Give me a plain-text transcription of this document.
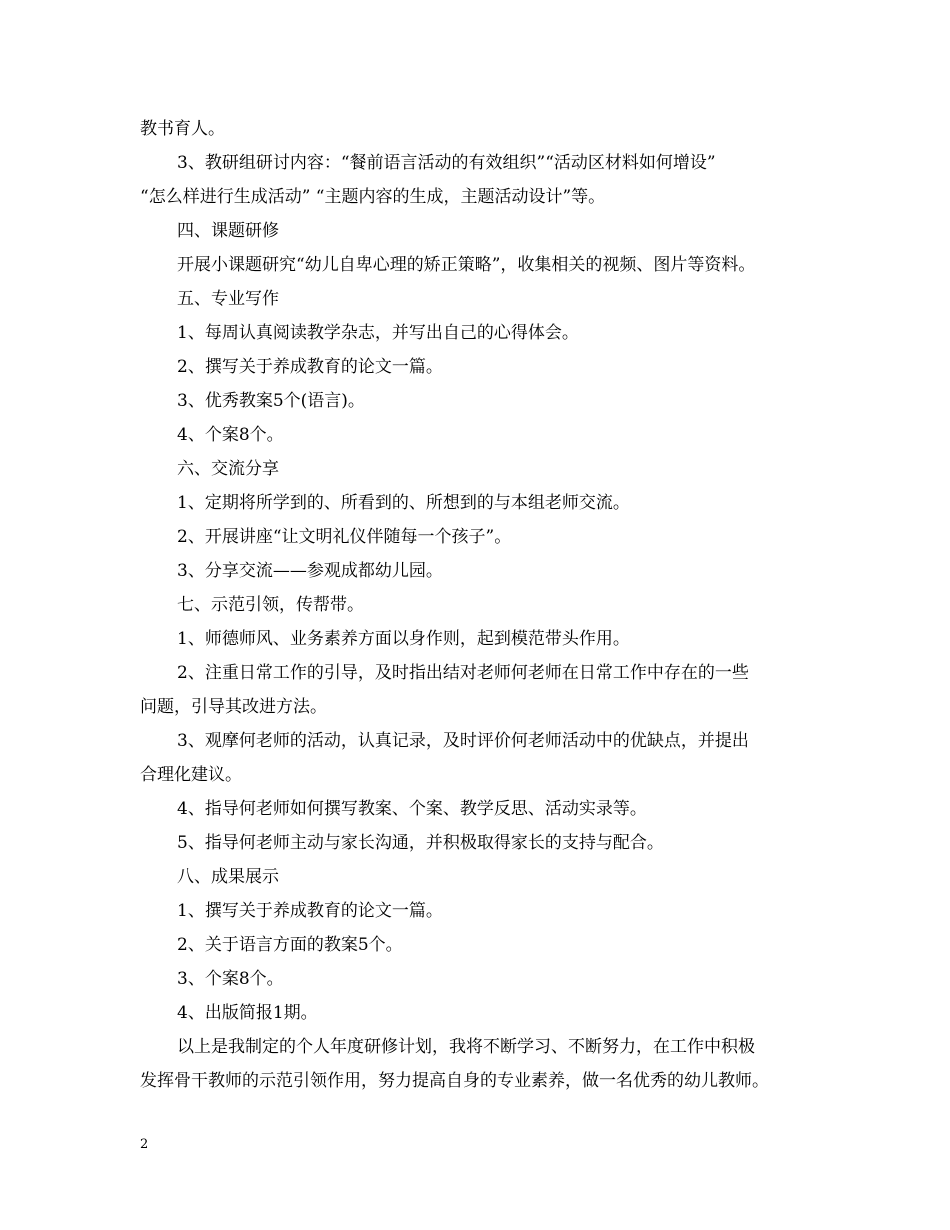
教书育人。
3、教研组研讨内容：“餐前语言活动的有效组织”“活动区材料如何增设”
“怎么样进行生成活动” “主题内容的生成，主题活动设计”等。
四、课题研修
开展小课题研究“幼儿自卑心理的矫正策略”，收集相关的视频、图片等资料。
五、专业写作
1、每周认真阅读教学杂志，并写出自己的心得体会。
2、撰写关于养成教育的论文一篇。
3、优秀教案5个(语言)。
4、个案8个。
六、交流分享
1、定期将所学到的、所看到的、所想到的与本组老师交流。
2、开展讲座“让文明礼仪伴随每一个孩子”。
3、分享交流——参观成都幼儿园。
七、示范引领，传帮带。
1、师德师风、业务素养方面以身作则，起到模范带头作用。
2、注重日常工作的引导，及时指出结对老师何老师在日常工作中存在的一些
问题，引导其改进方法。
3、观摩何老师的活动，认真记录，及时评价何老师活动中的优缺点，并提出
合理化建议。
4、指导何老师如何撰写教案、个案、教学反思、活动实录等。
5、指导何老师主动与家长沟通，并积极取得家长的支持与配合。
八、成果展示
1、撰写关于养成教育的论文一篇。
2、关于语言方面的教案5个。
3、个案8个。
4、出版简报1期。
以上是我制定的个人年度研修计划，我将不断学习、不断努力，在工作中积极
发挥骨干教师的示范引领作用，努力提高自身的专业素养，做一名优秀的幼儿教师。
2
